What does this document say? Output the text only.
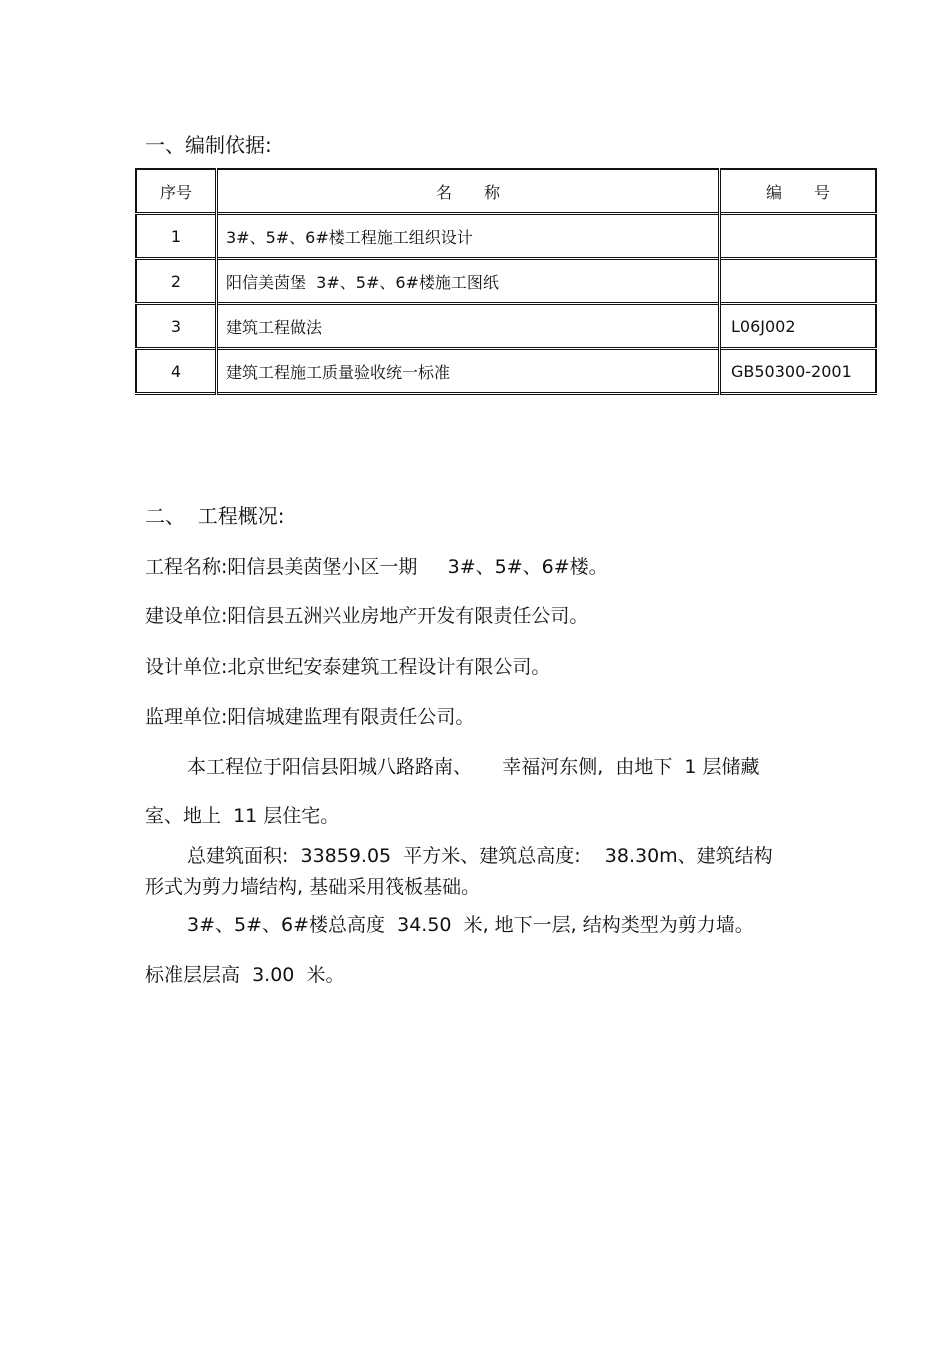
一、编制依据:
序号	名　　称	编　　号
1	3#、5#、6#楼工程施工组织设计	
2	阳信美茵堡  3#、5#、6#楼施工图纸	
3	建筑工程做法	L06J002
4	建筑工程施工质量验收统一标准	GB50300-2001
二、  工程概况:
工程名称:阳信县美茵堡小区一期     3#、5#、6#楼。
建设单位:阳信县五洲兴业房地产开发有限责任公司。
设计单位:北京世纪安泰建筑工程设计有限公司。
监理单位:阳信城建监理有限责任公司。
本工程位于阳信县阳城八路路南、     幸福河东侧,  由地下  1 层储藏
室、地上  11 层住宅。
总建筑面积:  33859.05  平方米、建筑总高度:    38.30m、建筑结构
形式为剪力墙结构, 基础采用筏板基础。
3#、5#、6#楼总高度  34.50  米, 地下一层, 结构类型为剪力墙。
标准层层高  3.00  米。
